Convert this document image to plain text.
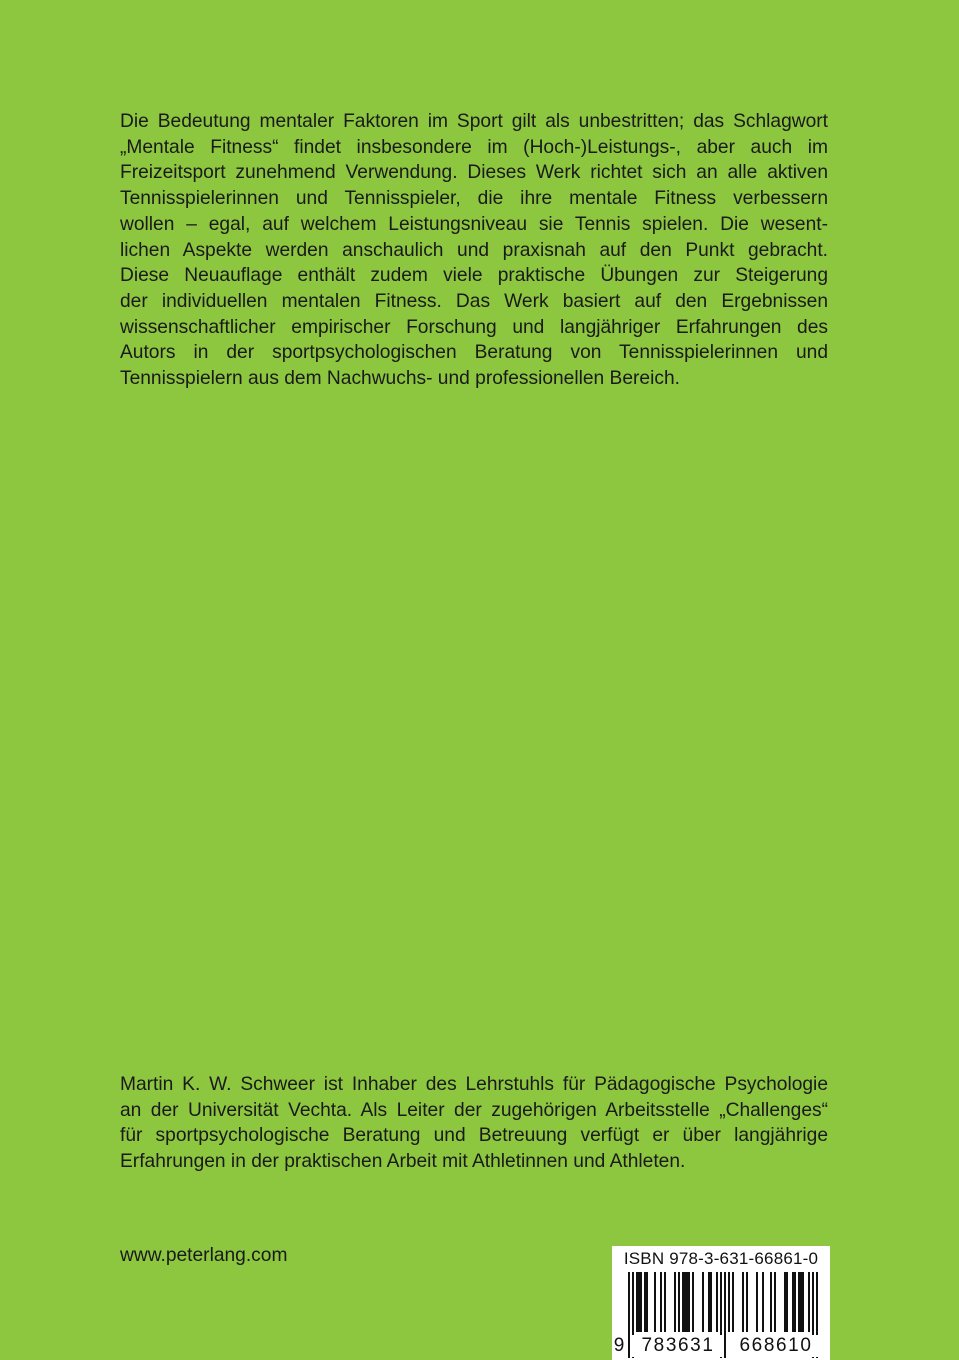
Die Bedeutung mentaler Faktoren im Sport gilt als unbestritten; das Schlagwort
„Mentale Fitness“ findet insbesondere im (Hoch-)Leistungs-, aber auch im
Freizeitsport zunehmend Verwendung. Dieses Werk richtet sich an alle aktiven
Tennisspielerinnen und Tennisspieler, die ihre mentale Fitness verbessern
wollen – egal, auf welchem Leistungsniveau sie Tennis spielen. Die wesent-
lichen Aspekte werden anschaulich und praxisnah auf den Punkt gebracht.
Diese Neuauflage enthält zudem viele praktische Übungen zur Steigerung
der individuellen mentalen Fitness. Das Werk basiert auf den Ergebnissen
wissenschaftlicher empirischer Forschung und langjähriger Erfahrungen des
Autors in der sportpsychologischen Beratung von Tennisspielerinnen und
Tennisspielern aus dem Nachwuchs- und professionellen Bereich.
Martin K. W. Schweer ist Inhaber des Lehrstuhls für Pädagogische Psychologie
an der Universität Vechta. Als Leiter der zugehörigen Arbeitsstelle „Challenges“
für sportpsychologische Beratung und Betreuung verfügt er über langjährige
Erfahrungen in der praktischen Arbeit mit Athletinnen und Athleten.
www.peterlang.com	ISBN 978-3-631-66861-0
9 783631	668610
